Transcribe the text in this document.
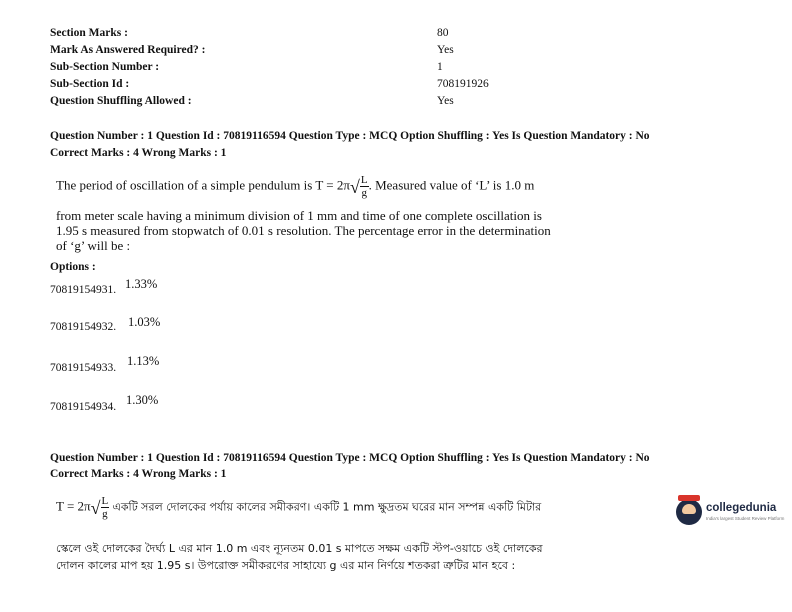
Section Marks :	80
Mark As Answered Required? :	Yes
Sub-Section Number :	1
Sub-Section Id :	708191926
Question Shuffling Allowed :	Yes
Question Number : 1 Question Id : 70819116594 Question Type : MCQ Option Shuffling : Yes Is Question Mandatory : No
Correct Marks : 4 Wrong Marks : 1
The period of oscillation of a simple pendulum is $T = 2\pi√ \frac{L}{g}$ . Measured value of ‘L’ is 1.0 m
from meter scale having a minimum division of 1 mm and time of one complete oscillation is
1.95 s measured from stopwatch of 0.01 s resolution. The percentage error in the determination
of ‘g’ will be :
Options :
70819154931. 1.33%
70819154932. 1.03%
70819154933. 1.13%
70819154934. 1.30%
Question Number : 1 Question Id : 70819116594 Question Type : MCQ Option Shuffling : Yes Is Question Mandatory : No
Correct Marks : 4 Wrong Marks : 1
$T = 2\pi√ \frac{L}{g}$ একটি সরল দোলকের পর্যায় কালের সমীকরণ। একটি 1 mm ক্ষুদ্রতম ঘরের মান সম্পন্ন একটি মিটার
স্কেলে ওই দোলকের দৈর্ঘ্য L এর মান 1.0 m এবং ন্যূনতম 0.01 s মাপতে সক্ষম একটি স্টপ-ওয়াচে ওই দোলকের
দোলন কালের মাপ হয় 1.95 s। উপরোক্ত সমীকরণের সাহায্যে g এর মান নির্ণয়ে শতকরা ত্রুটির মান হবে :
collegedunia
India's largest Student Review Platform
